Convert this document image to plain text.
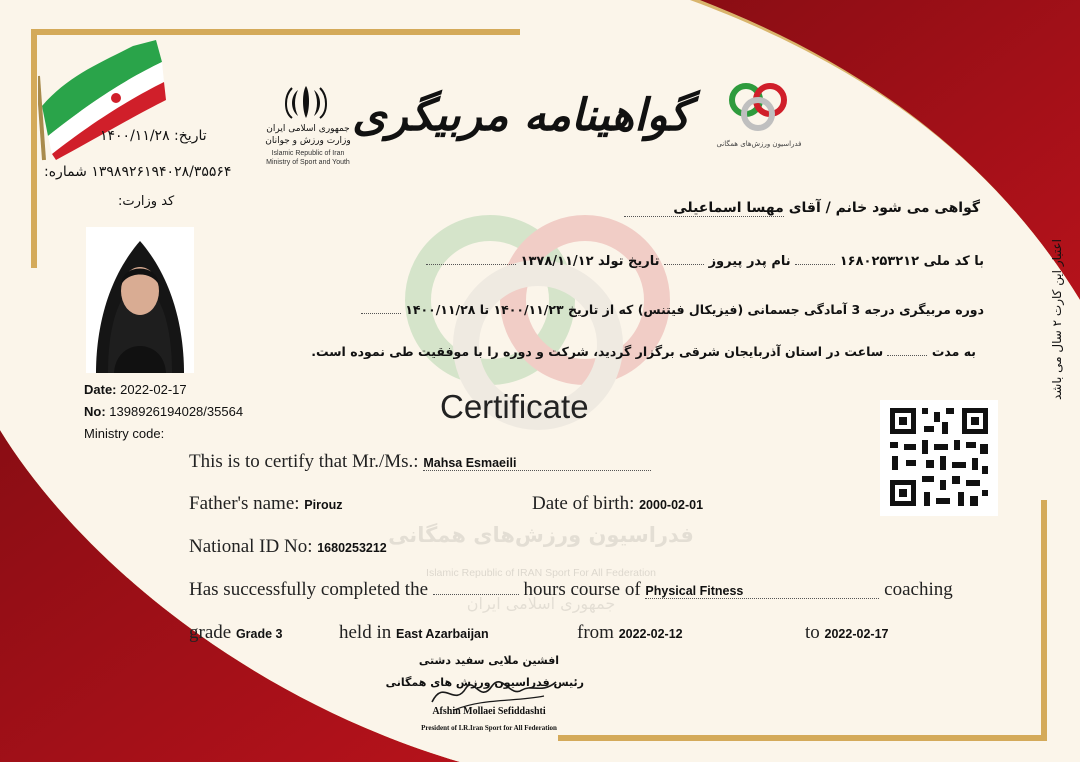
تاریخ: ۱۴۰۰/۱۱/۲۸
۱۳۹۸۹۲۶۱۹۴۰۲۸/۳۵۵۶۴ شماره:
کد وزارت:
جمهوری اسلامی ایران
وزارت ورزش و جوانان
Islamic Republic of Iran
Ministry of Sport and Youth
گواهینامه مربیگری
فدراسیون ورزش‌های همگانی
گواهی می شود خانم / آقای مهسا اسماعیلی
با کد ملی ۱۶۸۰۲۵۳۲۱۲  نام پدر پیروز  تاریخ تولد ۱۳۷۸/۱۱/۱۲
دوره مربیگری درجه 3 آمادگی جسمانی (فیزیکال فیتنس) که از تاریخ ۱۴۰۰/۱۱/۲۳ تا ۱۴۰۰/۱۱/۲۸
به مدت  ساعت در استان آذربایجان شرقی برگزار گردید، شرکت و دوره را با موفقیت طی نموده است.	اعتبار این کارت ۲ سال می باشد
Date: 2022-02-17
No: 1398926194028/35564
Ministry code:
Certificate
فدراسیون ورزش‌های همگانی
Islamic Republic of IRAN Sport For All Federation
جمهوری اسلامی ایران
This is to certify that Mr./Ms.: Mahsa Esmaeili
Father's name: Pirouz	Date of birth: 2000-02-01
National ID No: 1680253212
Has successfully completed the	hours course of Physical Fitness	coaching
grade Grade 3	held in East Azarbaijan	from 2022-02-12	to 2022-02-17
افشین ملایی سفید دشتی
رئیس فدراسیون ورزش های همگانی
Afshin Mollaei Sefiddashti
President of I.R.Iran Sport for All Federation
